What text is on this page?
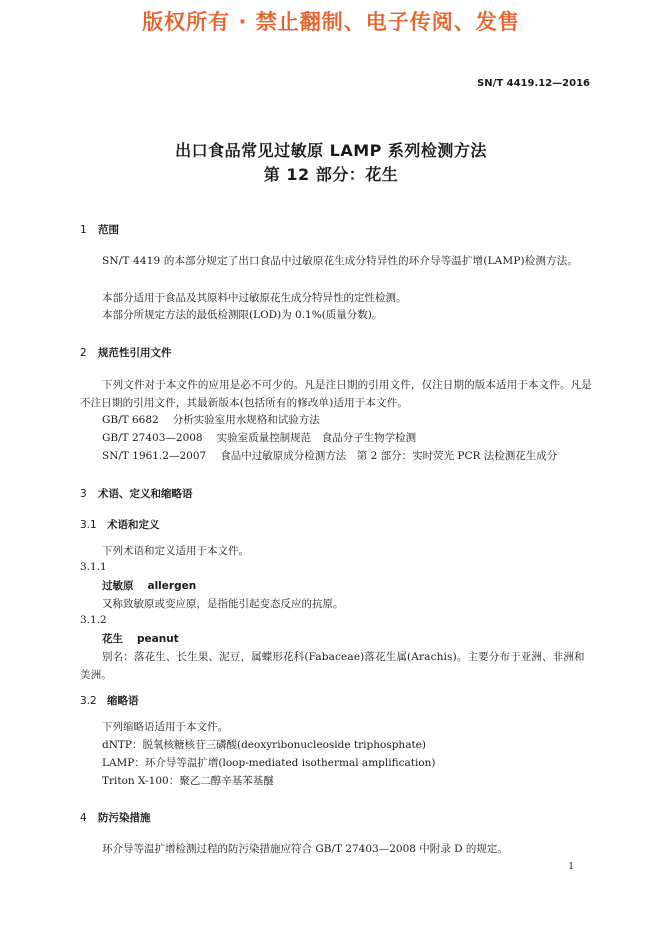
版权所有 · 禁止翻制、电子传阅、发售
SN/T 4419.12—2016
出口食品常见过敏原 LAMP 系列检测方法
第 12 部分：花生
1 范围
SN/T 4419 的本部分规定了出口食品中过敏原花生成分特异性的环介导等温扩增(LAMP)检测方法。
本部分适用于食品及其原料中过敏原花生成分特异性的定性检测。
本部分所规定方法的最低检测限(LOD)为 0.1%(质量分数)。
2 规范性引用文件
下列文件对于本文件的应用是必不可少的。凡是注日期的引用文件，仅注日期的版本适用于本文件。凡是不注日期的引用文件，其最新版本(包括所有的修改单)适用于本文件。
GB/T 6682 分析实验室用水规格和试验方法
GB/T 27403—2008 实验室质量控制规范　食品分子生物学检测
SN/T 1961.2—2007 食品中过敏原成分检测方法　第 2 部分：实时荧光 PCR 法检测花生成分
3 术语、定义和缩略语
3.1 术语和定义
下列术语和定义适用于本文件。
3.1.1
过敏原 allergen
又称致敏原或变应原，是指能引起变态反应的抗原。
3.1.2
花生 peanut
别名：落花生、长生果、泥豆，属蝶形花科(Fabaceae)落花生属(Arachis)。主要分布于亚洲、非洲和美洲。
3.2 缩略语
下列缩略语适用于本文件。
dNTP：脱氧核糖核苷三磷酸(deoxyribonucleoside triphosphate)
LAMP：环介导等温扩增(loop-mediated isothermal amplification)
Triton X-100：聚乙二醇辛基苯基醚
4 防污染措施
环介导等温扩增检测过程的防污染措施应符合 GB/T 27403—2008 中附录 D 的规定。
1
